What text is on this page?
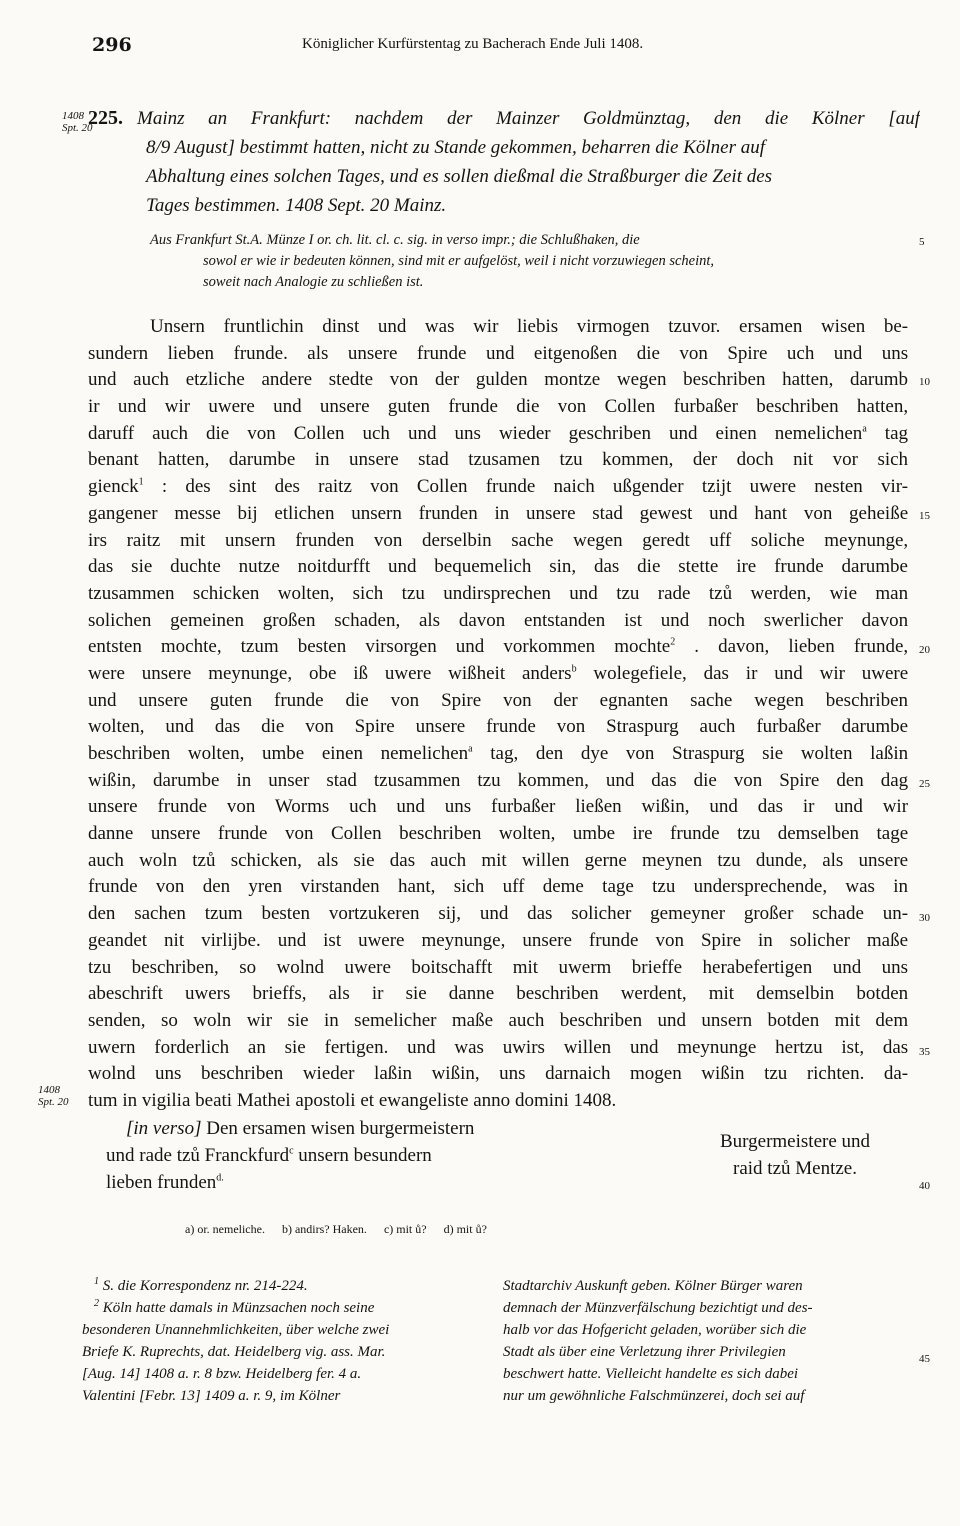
296	Königlicher Kurfürstentag zu Bacherach Ende Juli 1408.
1408
Spt. 20
225. Mainz an Frankfurt: nachdem der Mainzer Goldmünztag, den die Kölner [auf
8/9 August] bestimmt hatten, nicht zu Stande gekommen, beharren die Kölner auf
Abhaltung eines solchen Tages, und es sollen dießmal die Straßburger die Zeit des
Tages bestimmen. 1408 Sept. 20 Mainz.
Aus Frankfurt St.A. Münze I or. ch. lit. cl. c. sig. in verso impr.; die Schlußhaken, die
sowol er wie ir bedeuten können, sind mit er aufgelöst, weil i nicht vorzuwiegen scheint,
soweit nach Analogie zu schließen ist.
Unsern fruntlichin dinst und was wir liebis virmogen tzuvor. ersamen wisen be-
sundern lieben frunde. als unsere frunde und eitgenoßen die von Spire uch und uns
und auch etzliche andere stedte von der gulden montze wegen beschriben hatten, darumb
ir und wir uwere und unsere guten frunde die von Collen furbaßer beschriben hatten,
daruff auch die von Collen uch und uns wieder geschriben und einen nemelichen$^a$ tag
benant hatten, darumbe in unsere stad tzusamen tzu kommen, der doch nit vor sich
gienck$^1$ : des sint des raitz von Collen frunde naich ußgender tzijt uwere nesten vir-
gangener messe bij etlichen unsern frunden in unsere stad gewest und hant von geheiße
irs raitz mit unsern frunden von derselbin sache wegen geredt uff soliche meynunge,
das sie duchte nutze noitdurfft und bequemelich sin, das die stette ire frunde darumbe
tzusammen schicken wolten, sich tzu undirsprechen und tzu rade tzů werden, wie man
solichen gemeinen großen schaden, als davon entstanden ist und noch swerlicher davon
entsten mochte, tzum besten virsorgen und vorkommen mochte$^2$ . davon, lieben frunde,
were unsere meynunge, obe iß uwere wißheit anders$^b$ wolegefiele, das ir und wir uwere
und unsere guten frunde die von Spire von der egnanten sache wegen beschriben
wolten, und das die von Spire unsere frunde von Straspurg auch furbaßer darumbe
beschriben wolten, umbe einen nemelichen$^a$ tag, den dye von Straspurg sie wolten laßin
wißin, darumbe in unser stad tzusammen tzu kommen, und das die von Spire den dag
unsere frunde von Worms uch und uns furbaßer ließen wißin, und das ir und wir
danne unsere frunde von Collen beschriben wolten, umbe ire frunde tzu demselben tage
auch woln tzů schicken, als sie das auch mit willen gerne meynen tzu dunde, als unsere
frunde von den yren virstanden hant, sich uff deme tage tzu undersprechende, was in
den sachen tzum besten vortzukeren sij, und das solicher gemeyner großer schade un-
geandet nit virlijbe. und ist uwere meynunge, unsere frunde von Spire in solicher maße
tzu beschriben, so wolnd uwere boitschafft mit uwerm brieffe herabefertigen und uns
abeschrift uwers brieffs, als ir sie danne beschriben werdent, mit demselbin botden
senden, so woln wir sie in semelicher maße auch beschriben und unsern botden mit dem
uwern forderlich an sie fertigen. und was uwirs willen und meynunge hertzu ist, das
wolnd uns beschriben wieder laßin wißin, uns darnaich mogen wißin tzu richten. da-
tum in vigilia beati Mathei apostoli et ewangeliste anno domini 1408.
5
10
15
20
25
30
35
40
45
1408
Spt. 20
[in verso] Den ersamen wisen burgermeistern
und rade tzů Franckfurd$^c$ unsern besundern
lieben frunden$^{d.}$
Burgermeistere und
raid tzů Mentze.
a) or. nemeliche. b) andirs? Haken. c) mit ů? d) mit ů?
$^1$ S. die Korrespondenz nr. 214-224.
$^2$ Köln hatte damals in Münzsachen noch seine
besonderen Unannehmlichkeiten, über welche zwei
Briefe K. Ruprechts, dat. Heidelberg vig. ass. Mar.
[Aug. 14] 1408 a. r. 8 bzw. Heidelberg fer. 4 a.
Valentini [Febr. 13] 1409 a. r. 9, im Kölner
Stadtarchiv Auskunft geben. Kölner Bürger waren
demnach der Münzverfälschung bezichtigt und des-
halb vor das Hofgericht geladen, worüber sich die
Stadt als über eine Verletzung ihrer Privilegien
beschwert hatte. Vielleicht handelte es sich dabei
nur um gewöhnliche Falschmünzerei, doch sei auf
